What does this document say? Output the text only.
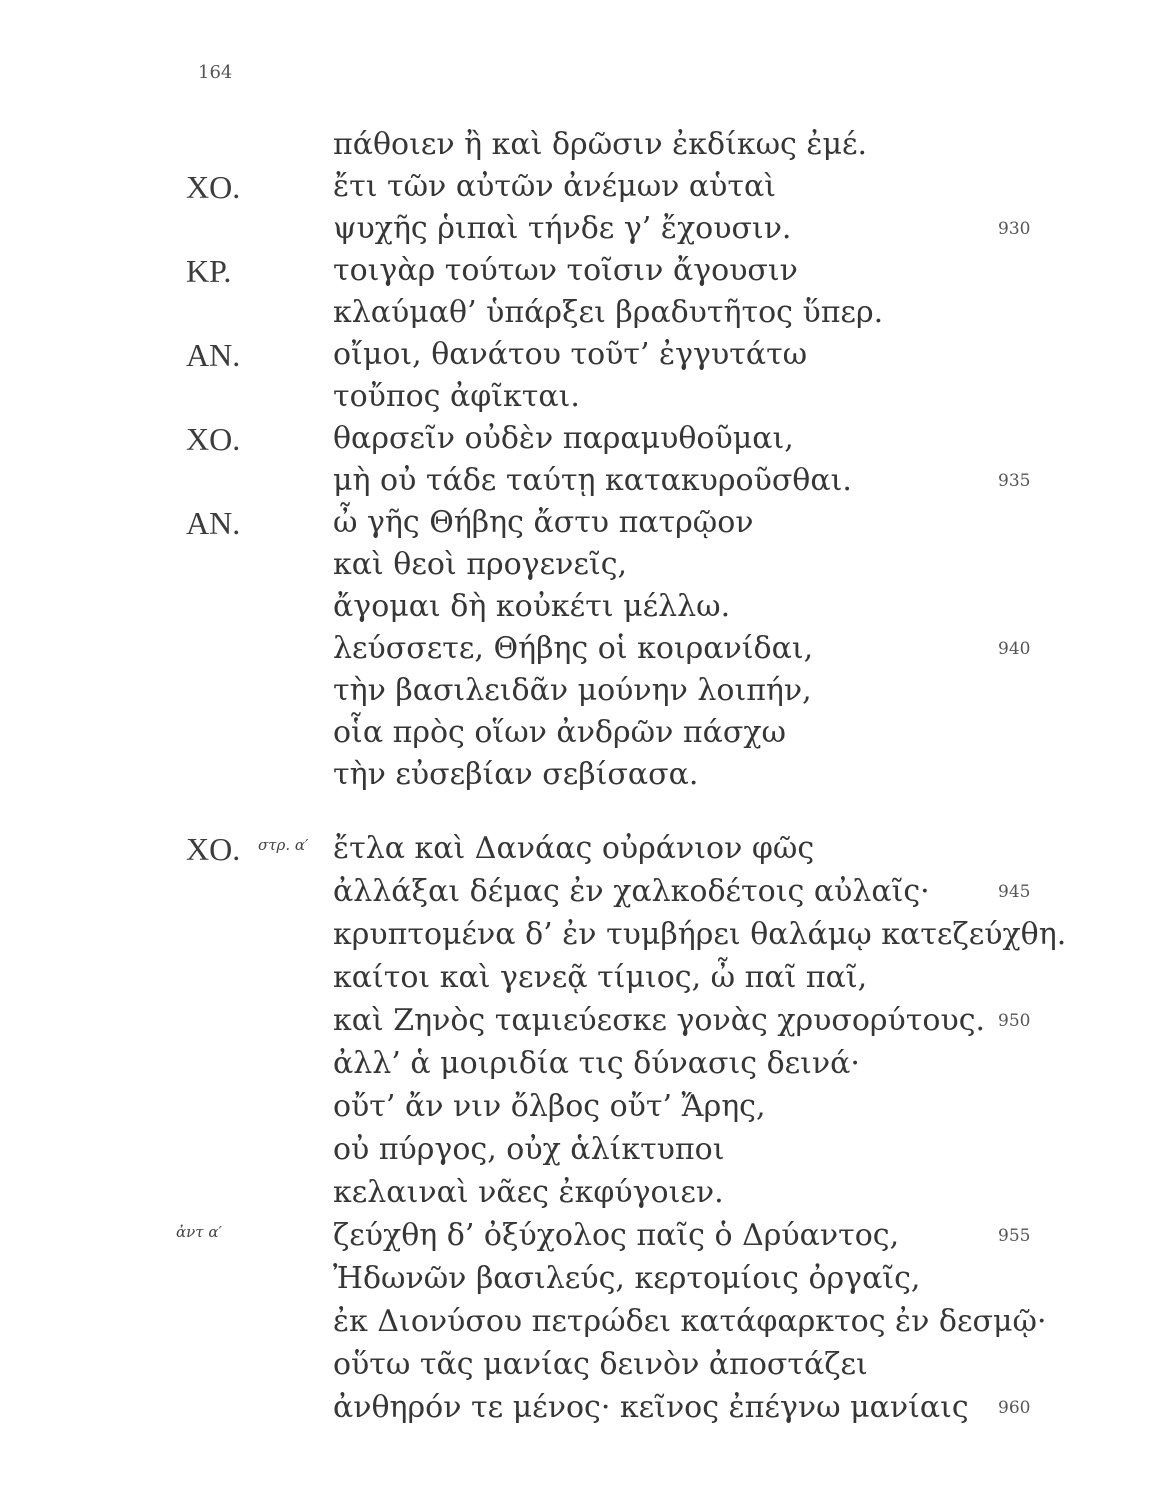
164
πάθοιεν ἢ καὶ δρῶσιν ἐκδίκως ἐμέ.
ΧΟ.	ἔτι τῶν αὐτῶν ἀνέμων αὑταὶ
ψυχῆς ῥιπαὶ τήνδε γ’ ἔχουσιν.	930
ΚΡ.	τοιγὰρ τούτων τοῖσιν ἄγουσιν
κλαύμαθ’ ὑπάρξει βραδυτῆτος ὕπερ.
ΑΝ.	οἴμοι, θανάτου τοῦτ’ ἐγγυτάτω
τοὔπος ἀφῖκται.
ΧΟ.	θαρσεῖν οὐδὲν παραμυθοῦμαι,
μὴ οὐ τάδε ταύτῃ κατακυροῦσθαι.	935
ΑΝ.	ὦ γῆς Θήβης ἄστυ πατρῷον
καὶ θεοὶ προγενεῖς,
ἄγομαι δὴ κοὐκέτι μέλλω.
λεύσσετε, Θήβης οἱ κοιρανίδαι,	940
τὴν βασιλειδᾶν μούνην λοιπήν,
οἷα πρὸς οἵων ἀνδρῶν πάσχω
τὴν εὐσεβίαν σεβίσασα.
ΧΟ. στρ. α′ ἔτλα καὶ Δανάας οὐράνιον φῶς
ἀλλάξαι δέμας ἐν χαλκοδέτοις αὐλαῖς·	945
κρυπτομένα δ’ ἐν τυμβήρει θαλάμῳ κατεζεύχθη.
καίτοι καὶ γενεᾷ τίμιος, ὦ παῖ παῖ,
καὶ Ζηνὸς ταμιεύεσκε γονὰς χρυσορύτους. 950
ἀλλ’ ἁ μοιριδία τις δύνασις δεινά·
οὔτ’ ἄν νιν ὄλβος οὔτ’ Ἄρης,
οὐ πύργος, οὐχ ἁλίκτυποι
κελαιναὶ νᾶες ἐκφύγοιεν.
ἀντ α′	ζεύχθη δ’ ὀξύχολος παῖς ὁ Δρύαντος,	955
Ἠδωνῶν βασιλεύς, κερτομίοις ὀργαῖς,
ἐκ Διονύσου πετρώδει κατάφαρκτος ἐν δεσμῷ·
οὕτω τᾶς μανίας δεινὸν ἀποστάζει
ἀνθηρόν τε μένος· κεῖνος ἐπέγνω μανίαις 960
